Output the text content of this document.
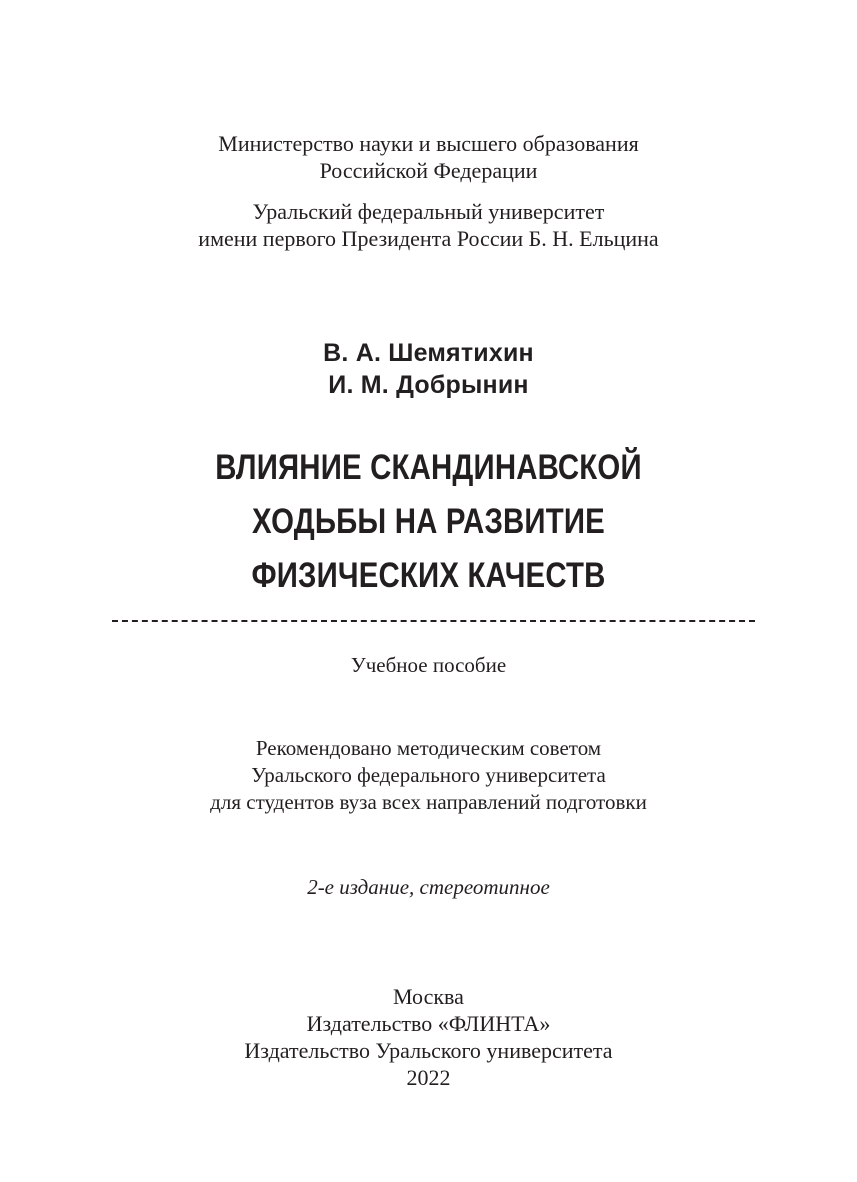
Министерство науки и высшего образования
Российской Федерации
Уральский федеральный университет
имени первого Президента России Б. Н. Ельцина
В. А. Шемятихин
И. М. Добрынин
ВЛИЯНИЕ СКАНДИНАВСКОЙ
ХОДЬБЫ НА РАЗВИТИЕ
ФИЗИЧЕСКИХ КАЧЕСТВ
Учебное пособие
Рекомендовано методическим советом
Уральского федерального университета
для студентов вуза всех направлений подготовки
2-е издание, стереотипное
Москва
Издательство «ФЛИНТА»
Издательство Уральского университета
2022
